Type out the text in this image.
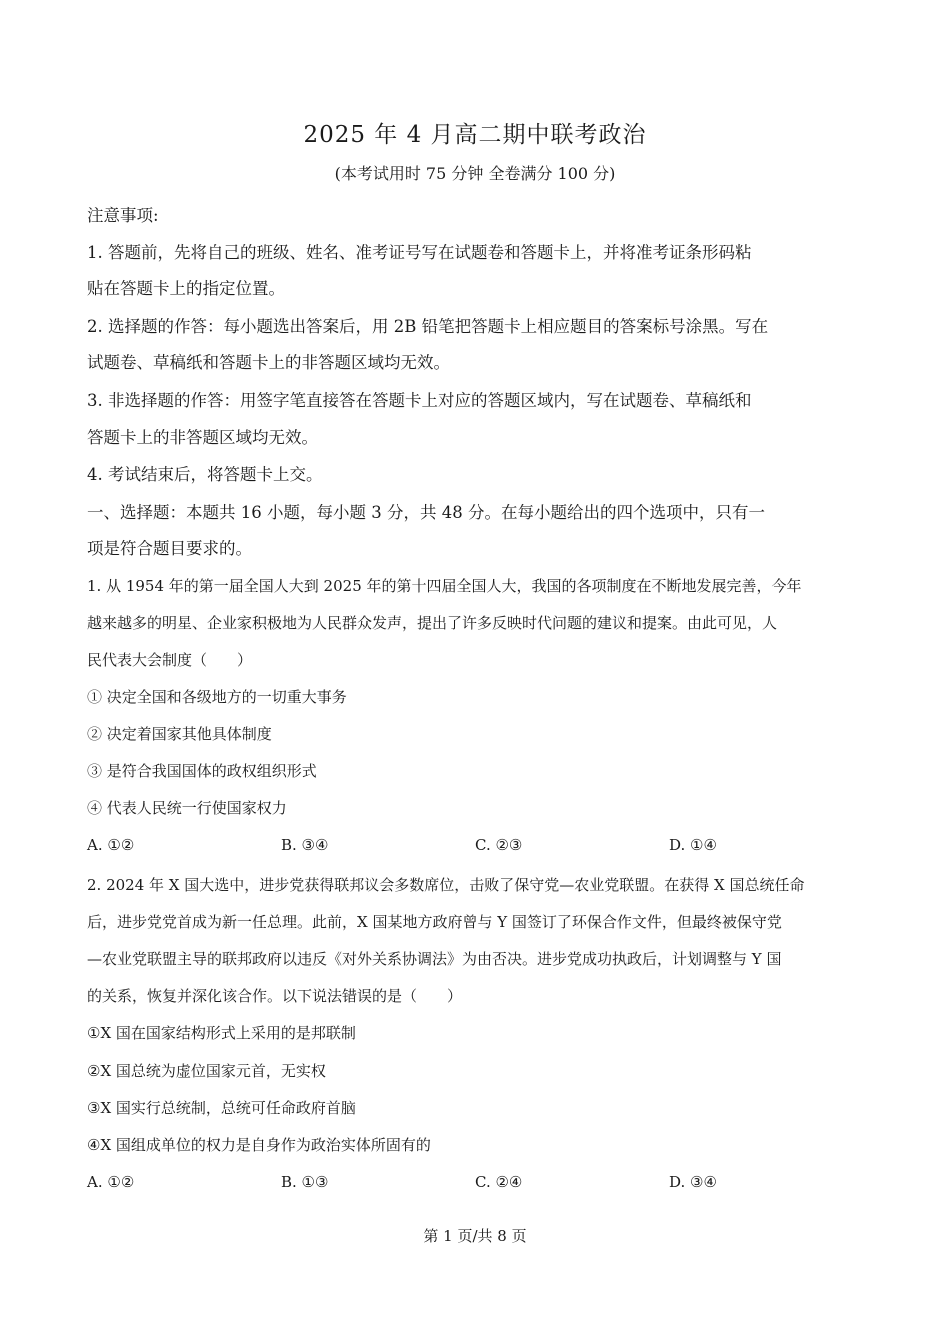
2025 年 4 月高二期中联考政治
(本考试用时 75 分钟 全卷满分 100 分)
注意事项:
1. 答题前，先将自己的班级、姓名、准考证号写在试题卷和答题卡上，并将准考证条形码粘
贴在答题卡上的指定位置。
2. 选择题的作答：每小题选出答案后，用 2B 铅笔把答题卡上相应题目的答案标号涂黑。写在
试题卷、草稿纸和答题卡上的非答题区域均无效。
3. 非选择题的作答：用签字笔直接答在答题卡上对应的答题区域内，写在试题卷、草稿纸和
答题卡上的非答题区域均无效。
4. 考试结束后，将答题卡上交。
一、选择题：本题共 16 小题，每小题 3 分，共 48 分。在每小题给出的四个选项中，只有一
项是符合题目要求的。
1. 从 1954 年的第一届全国人大到 2025 年的第十四届全国人大，我国的各项制度在不断地发展完善，今年
越来越多的明星、企业家积极地为人民群众发声，提出了许多反映时代问题的建议和提案。由此可见，人
民代表大会制度（　　）
① 决定全国和各级地方的一切重大事务
② 决定着国家其他具体制度
③ 是符合我国国体的政权组织形式
④ 代表人民统一行使国家权力
A. ①②	B. ③④	C. ②③	D. ①④
2. 2024 年 X 国大选中，进步党获得联邦议会多数席位，击败了保守党—农业党联盟。在获得 X 国总统任命
后，进步党党首成为新一任总理。此前，X 国某地方政府曾与 Y 国签订了环保合作文件，但最终被保守党
—农业党联盟主导的联邦政府以违反《对外关系协调法》为由否决。进步党成功执政后，计划调整与 Y 国
的关系，恢复并深化该合作。以下说法错误的是（　　）
①X 国在国家结构形式上采用的是邦联制
②X 国总统为虚位国家元首，无实权
③X 国实行总统制，总统可任命政府首脑
④X 国组成单位的权力是自身作为政治实体所固有的
A. ①②	B. ①③	C. ②④	D. ③④
第 1 页/共 8 页
